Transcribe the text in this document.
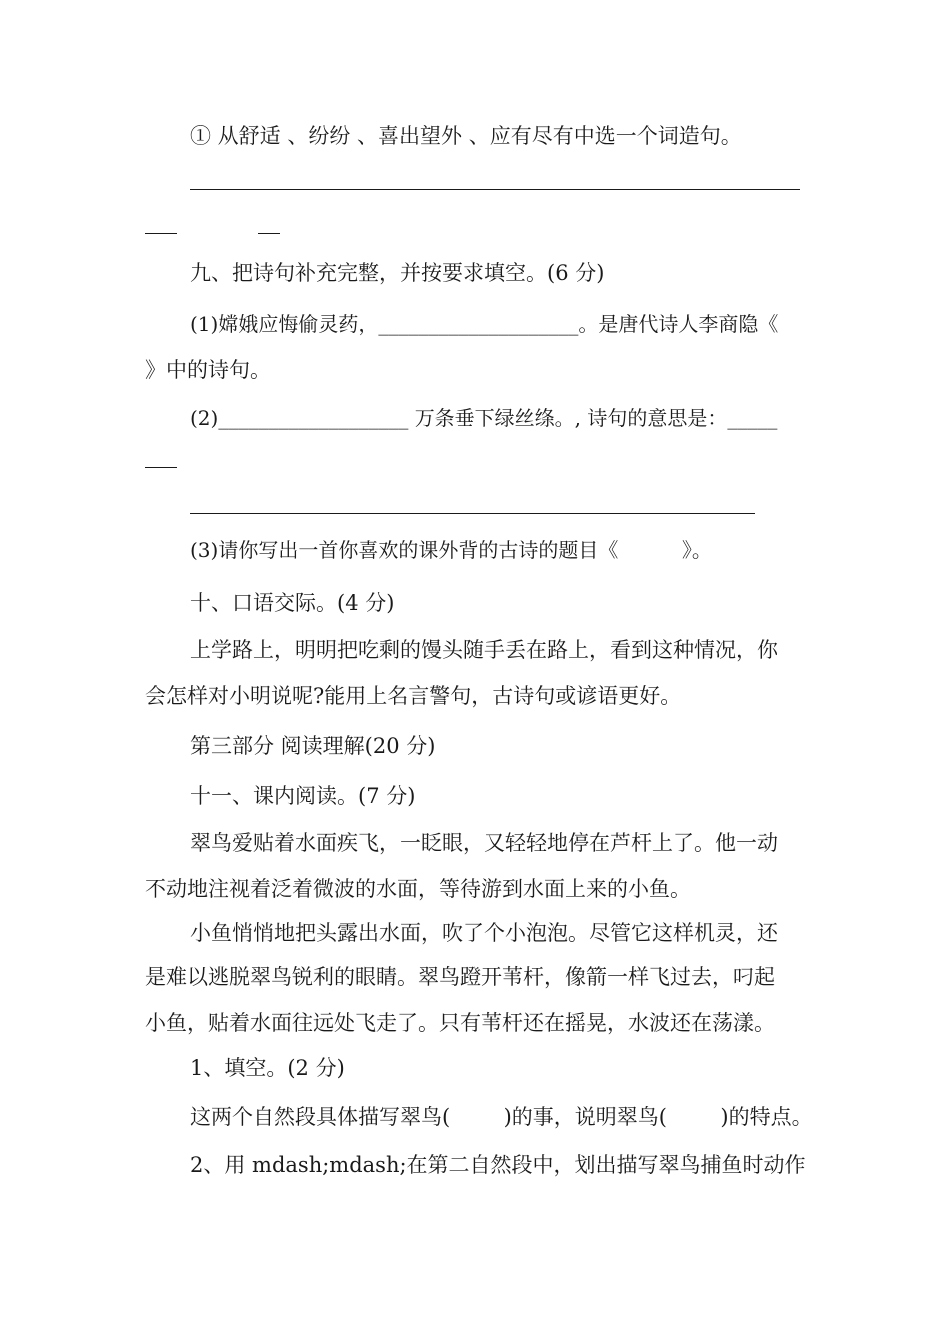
① 从舒适 、纷纷 、喜出望外 、应有尽有中选一个词造句。
九、把诗句补充完整，并按要求填空。(6 分)
(1)嫦娥应悔偷灵药，____________________。是唐代诗人李商隐《
》中的诗句。
(2)___________________ 万条垂下绿丝绦。, 诗句的意思是：_____
(3)请你写出一首你喜欢的课外背的古诗的题目《          》。
十、口语交际。(4 分)
上学路上，明明把吃剩的馒头随手丢在路上，看到这种情况，你
会怎样对小明说呢?能用上名言警句，古诗句或谚语更好。
第三部分 阅读理解(20 分)
十一、课内阅读。(7 分)
翠鸟爱贴着水面疾飞，一眨眼，又轻轻地停在芦杆上了。他一动
不动地注视着泛着微波的水面，等待游到水面上来的小鱼。
小鱼悄悄地把头露出水面，吹了个小泡泡。尽管它这样机灵，还
是难以逃脱翠鸟锐利的眼睛。翠鸟蹬开苇杆，像箭一样飞过去，叼起
小鱼，贴着水面往远处飞走了。只有苇杆还在摇晃，水波还在荡漾。
1、填空。(2 分)
这两个自然段具体描写翠鸟(        )的事，说明翠鸟(        )的特点。
2、用 mdash;mdash;在第二自然段中，划出描写翠鸟捕鱼时动作
